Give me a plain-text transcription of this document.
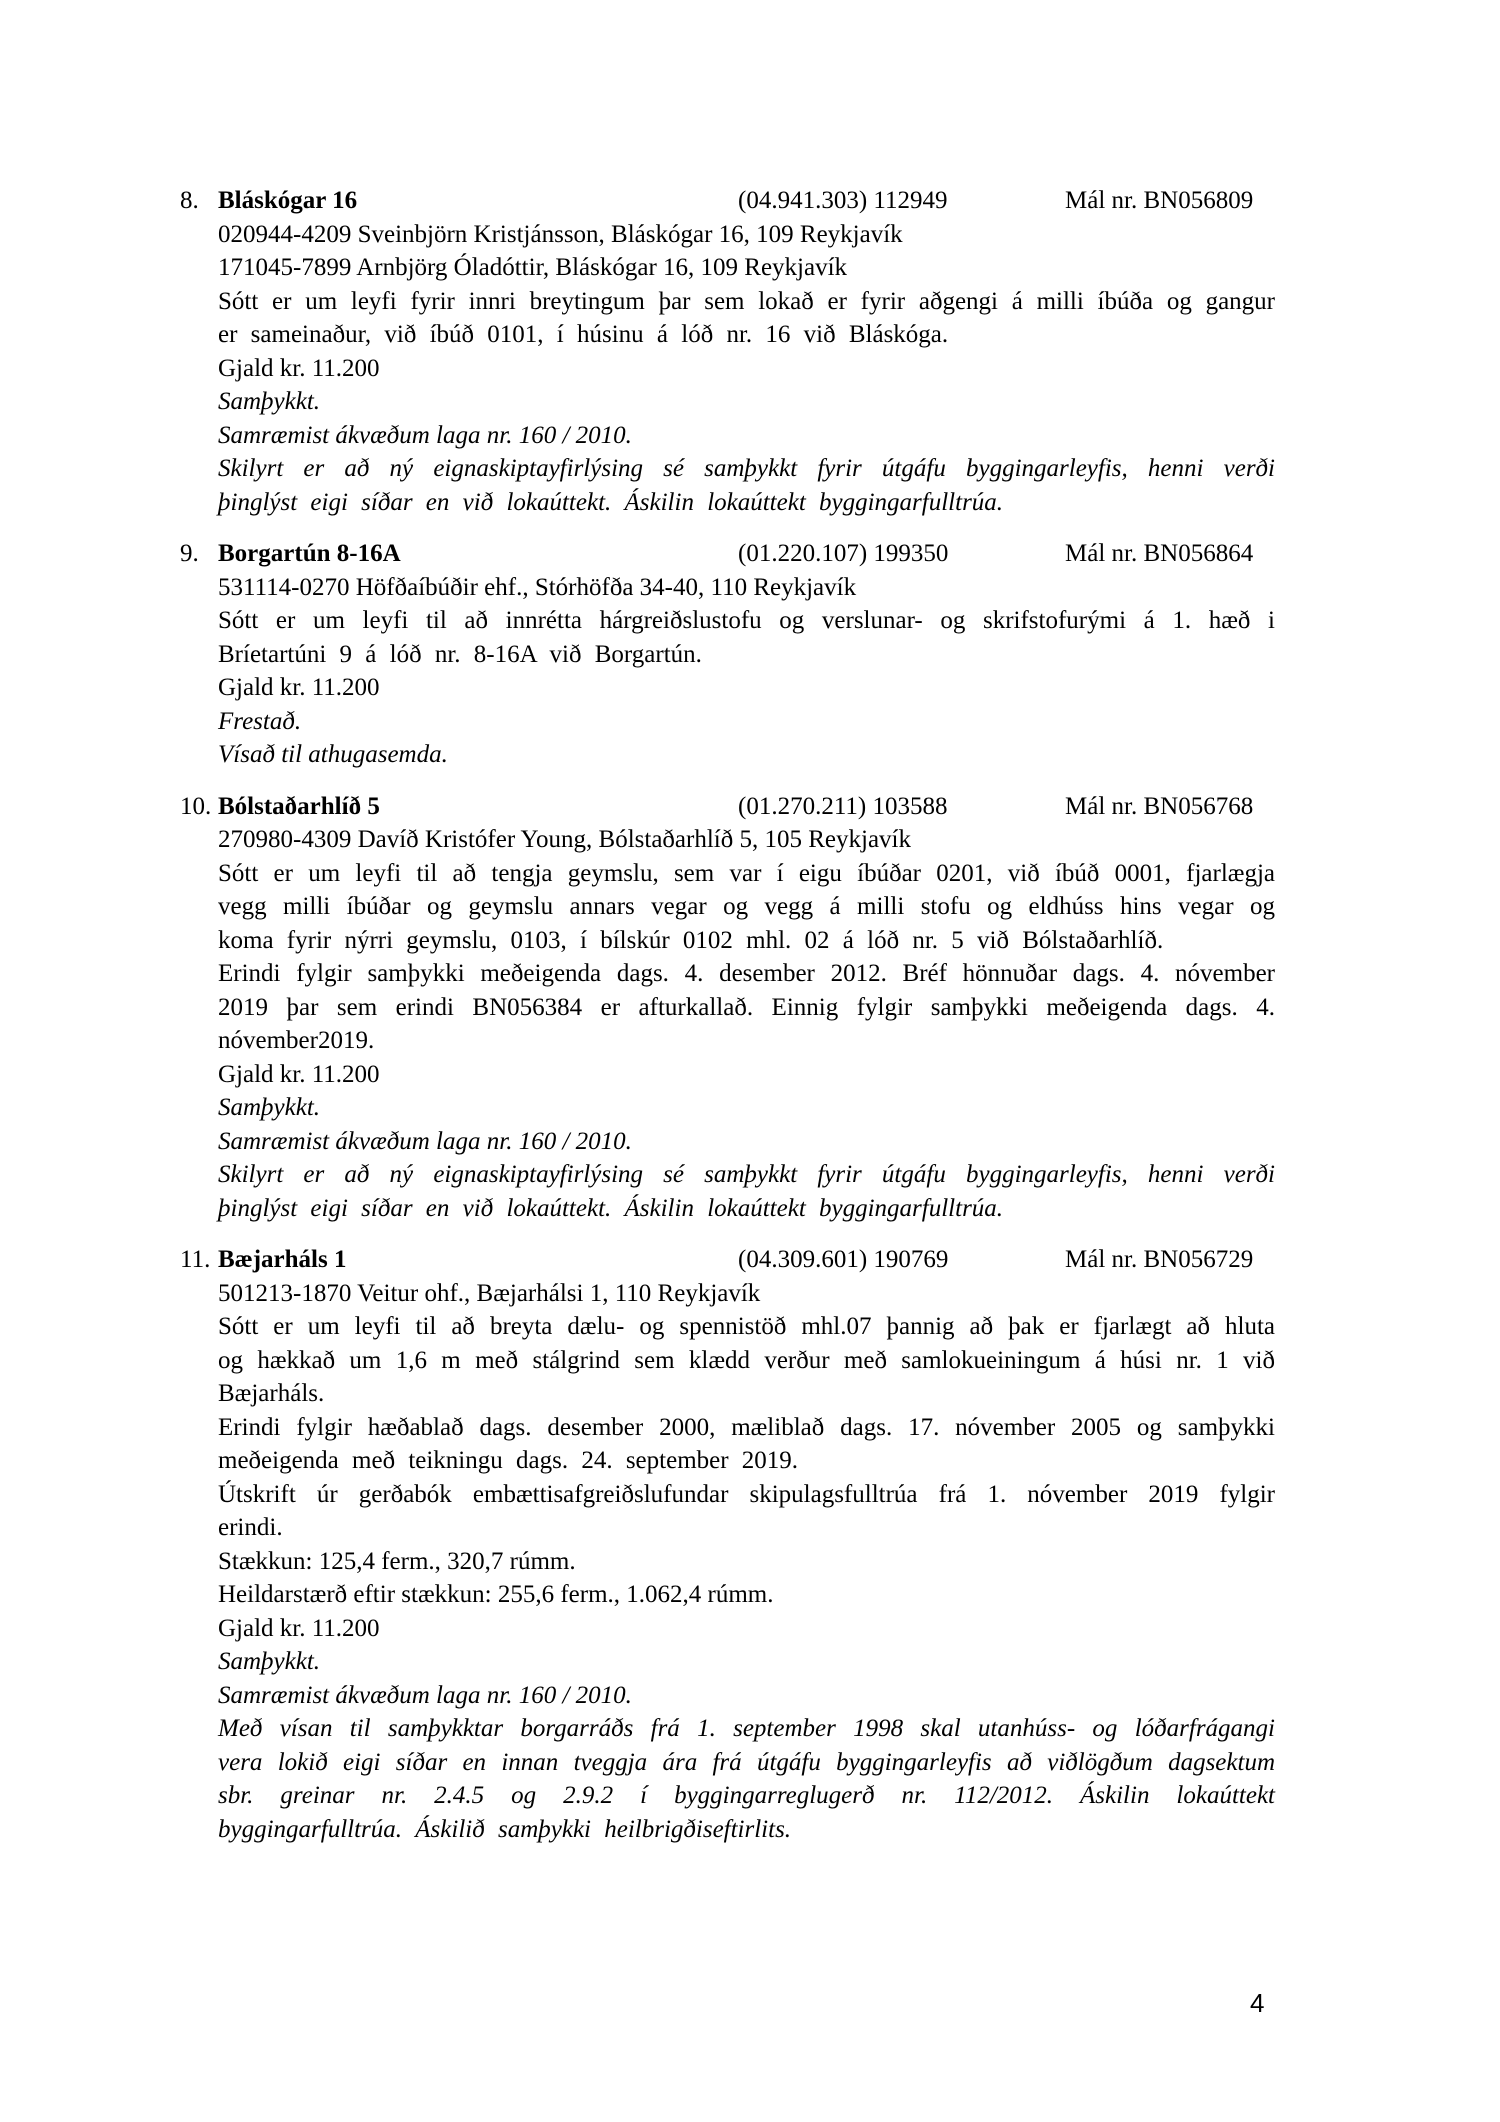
8. Bláskógar 16	(04.941.303) 112949	Mál nr. BN056809

020944-4209 Sveinbjörn Kristjánsson, Bláskógar 16, 109 Reykjavík

171045-7899 Arnbjörg Óladóttir, Bláskógar 16, 109 Reykjavík

Sótt er um leyfi fyrir innri breytingum þar sem lokað er fyrir aðgengi á milli íbúða og gangur er sameinaður, við íbúð 0101, í húsinu á lóð nr. 16 við Bláskóga.

Gjald kr. 11.200

Samþykkt.

Samræmist ákvæðum laga nr. 160 / 2010.

Skilyrt er að ný eignaskiptayfirlýsing sé samþykkt fyrir útgáfu byggingarleyfis, henni verði þinglýst eigi síðar en við lokaúttekt. Áskilin lokaúttekt byggingarfulltrúa.

9. Borgartún 8-16A	(01.220.107) 199350	Mál nr. BN056864

531114-0270 Höfðaíbúðir ehf., Stórhöfða 34-40, 110 Reykjavík

Sótt er um leyfi til að innrétta hárgreiðslustofu og verslunar- og skrifstofurými á 1. hæð i Bríetartúni 9 á lóð nr. 8-16A við Borgartún.

Gjald kr. 11.200

Frestað.

Vísað til athugasemda.

10. Bólstaðarhlíð 5	(01.270.211) 103588	Mál nr. BN056768

270980-4309 Davíð Kristófer Young, Bólstaðarhlíð 5, 105 Reykjavík

Sótt er um leyfi til að tengja geymslu, sem var í eigu íbúðar 0201, við íbúð 0001, fjarlægja vegg milli íbúðar og geymslu annars vegar og vegg á milli stofu og eldhúss hins vegar og koma fyrir nýrri geymslu, 0103, í bílskúr 0102 mhl. 02 á lóð nr. 5 við Bólstaðarhlíð.

Erindi fylgir samþykki meðeigenda dags. 4. desember 2012. Bréf hönnuðar dags. 4. nóvember 2019 þar sem erindi BN056384 er afturkallað. Einnig fylgir samþykki meðeigenda dags. 4. nóvember2019.

Gjald kr. 11.200

Samþykkt.

Samræmist ákvæðum laga nr. 160 / 2010.

Skilyrt er að ný eignaskiptayfirlýsing sé samþykkt fyrir útgáfu byggingarleyfis, henni verði þinglýst eigi síðar en við lokaúttekt. Áskilin lokaúttekt byggingarfulltrúa.

11. Bæjarháls 1	(04.309.601) 190769	Mál nr. BN056729

501213-1870 Veitur ohf., Bæjarhálsi 1, 110 Reykjavík

Sótt er um leyfi til að breyta dælu- og spennistöð mhl.07 þannig að þak er fjarlægt að hluta og hækkað um 1,6 m með stálgrind sem klædd verður með samlokueiningum á húsi nr. 1 við Bæjarháls.

Erindi fylgir hæðablað dags. desember 2000, mæliblað dags. 17. nóvember 2005 og samþykki meðeigenda með teikningu dags. 24. september 2019.

Útskrift úr gerðabók embættisafgreiðslufundar skipulagsfulltrúa frá 1. nóvember 2019 fylgir erindi.

Stækkun: 125,4 ferm., 320,7 rúmm.

Heildarstærð eftir stækkun: 255,6 ferm., 1.062,4 rúmm.

Gjald kr. 11.200

Samþykkt.

Samræmist ákvæðum laga nr. 160 / 2010.

Með vísan til samþykktar borgarráðs frá 1. september 1998 skal utanhúss- og lóðarfrágangi vera lokið eigi síðar en innan tveggja ára frá útgáfu byggingarleyfis að viðlögðum dagsektum sbr. greinar nr. 2.4.5 og 2.9.2 í byggingarreglugerð nr. 112/2012. Áskilin lokaúttekt byggingarfulltrúa. Áskilið samþykki heilbrigðiseftirlits.

4
